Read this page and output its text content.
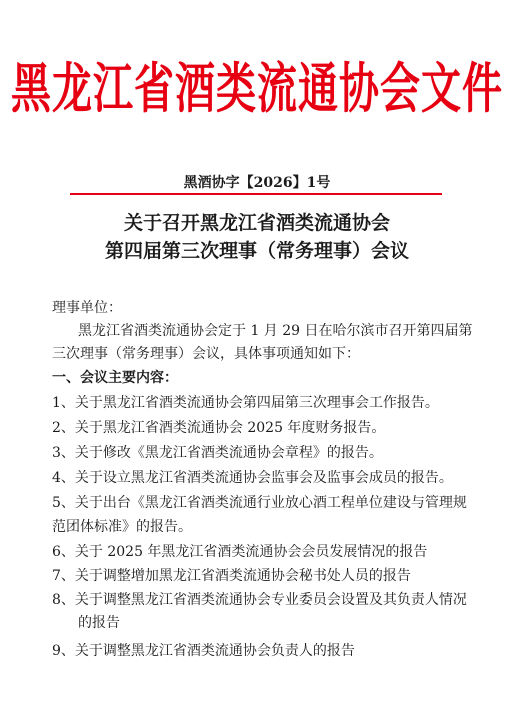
黑龙江省酒类流通协会文件
黑酒协字【2026】1号
关于召开黑龙江省酒类流通协会
第四届第三次理事（常务理事）会议
理事单位：
黑龙江省酒类流通协会定于 1 月 29 日在哈尔滨市召开第四届第
三次理事（常务理事）会议，具体事项通知如下：
一、会议主要内容：
1、关于黑龙江省酒类流通协会第四届第三次理事会工作报告。
2、关于黑龙江省酒类流通协会 2025 年度财务报告。
3、关于修改《黑龙江省酒类流通协会章程》的报告。
4、关于设立黑龙江省酒类流通协会监事会及监事会成员的报告。
5、关于出台《黑龙江省酒类流通行业放心酒工程单位建设与管理规
范团体标准》的报告。
6、关于 2025 年黑龙江省酒类流通协会会员发展情况的报告
7、关于调整增加黑龙江省酒类流通协会秘书处人员的报告
8、关于调整黑龙江省酒类流通协会专业委员会设置及其负责人情况
的报告
9、关于调整黑龙江省酒类流通协会负责人的报告
